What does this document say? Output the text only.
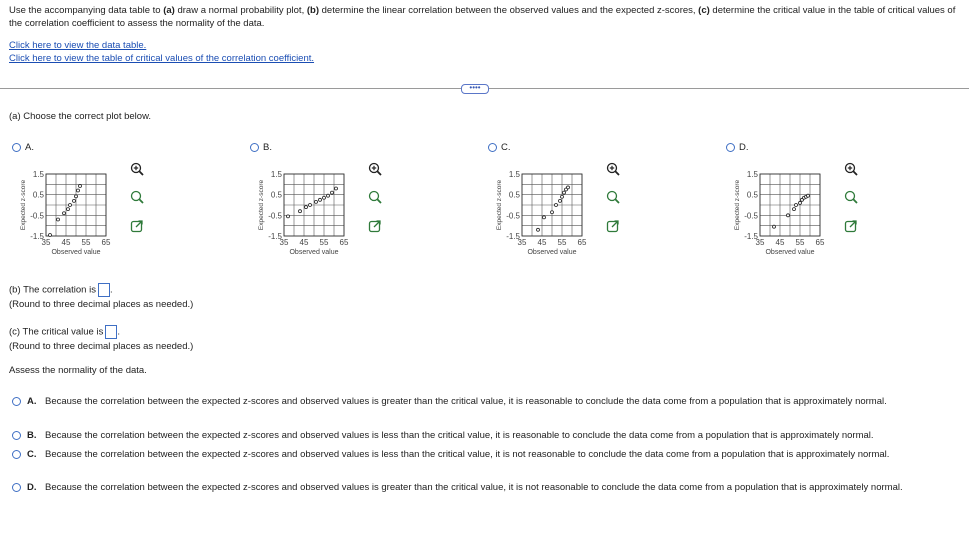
Use the accompanying data table to (a) draw a normal probability plot, (b) determine the linear correlation between the observed values and the expected z-scores, (c) determine the critical value in the table of critical values of the correlation coefficient to assess the normality of the data.
Click here to view the data table.
Click here to view the table of critical values of the correlation coefficient.
••••
(a) Choose the correct plot below.
A.
1.5
0.5
-0.5
-1.5
35 45 55 65
Observed value
Expected z-score
B.
1.5
0.5
-0.5
-1.5
35 45 55 65
Observed value
Expected z-score
C.
1.5
0.5
-0.5
-1.5
35 45 55 65
Observed value
Expected z-score
D.
1.5
0.5
-0.5
-1.5
35 45 55 65
Observed value
Expected z-score
(b) The correlation is .
(Round to three decimal places as needed.)
(c) The critical value is .
(Round to three decimal places as needed.)
Assess the normality of the data.
A. Because the correlation between the expected z-scores and observed values is greater than the critical value, it is reasonable to conclude the data come from a population that is approximately normal.
B. Because the correlation between the expected z-scores and observed values is less than the critical value, it is reasonable to conclude the data come from a population that is approximately normal.
C. Because the correlation between the expected z-scores and observed values is less than the critical value, it is not reasonable to conclude the data come from a population that is approximately normal.
D. Because the correlation between the expected z-scores and observed values is greater than the critical value, it is not reasonable to conclude the data come from a population that is approximately normal.
